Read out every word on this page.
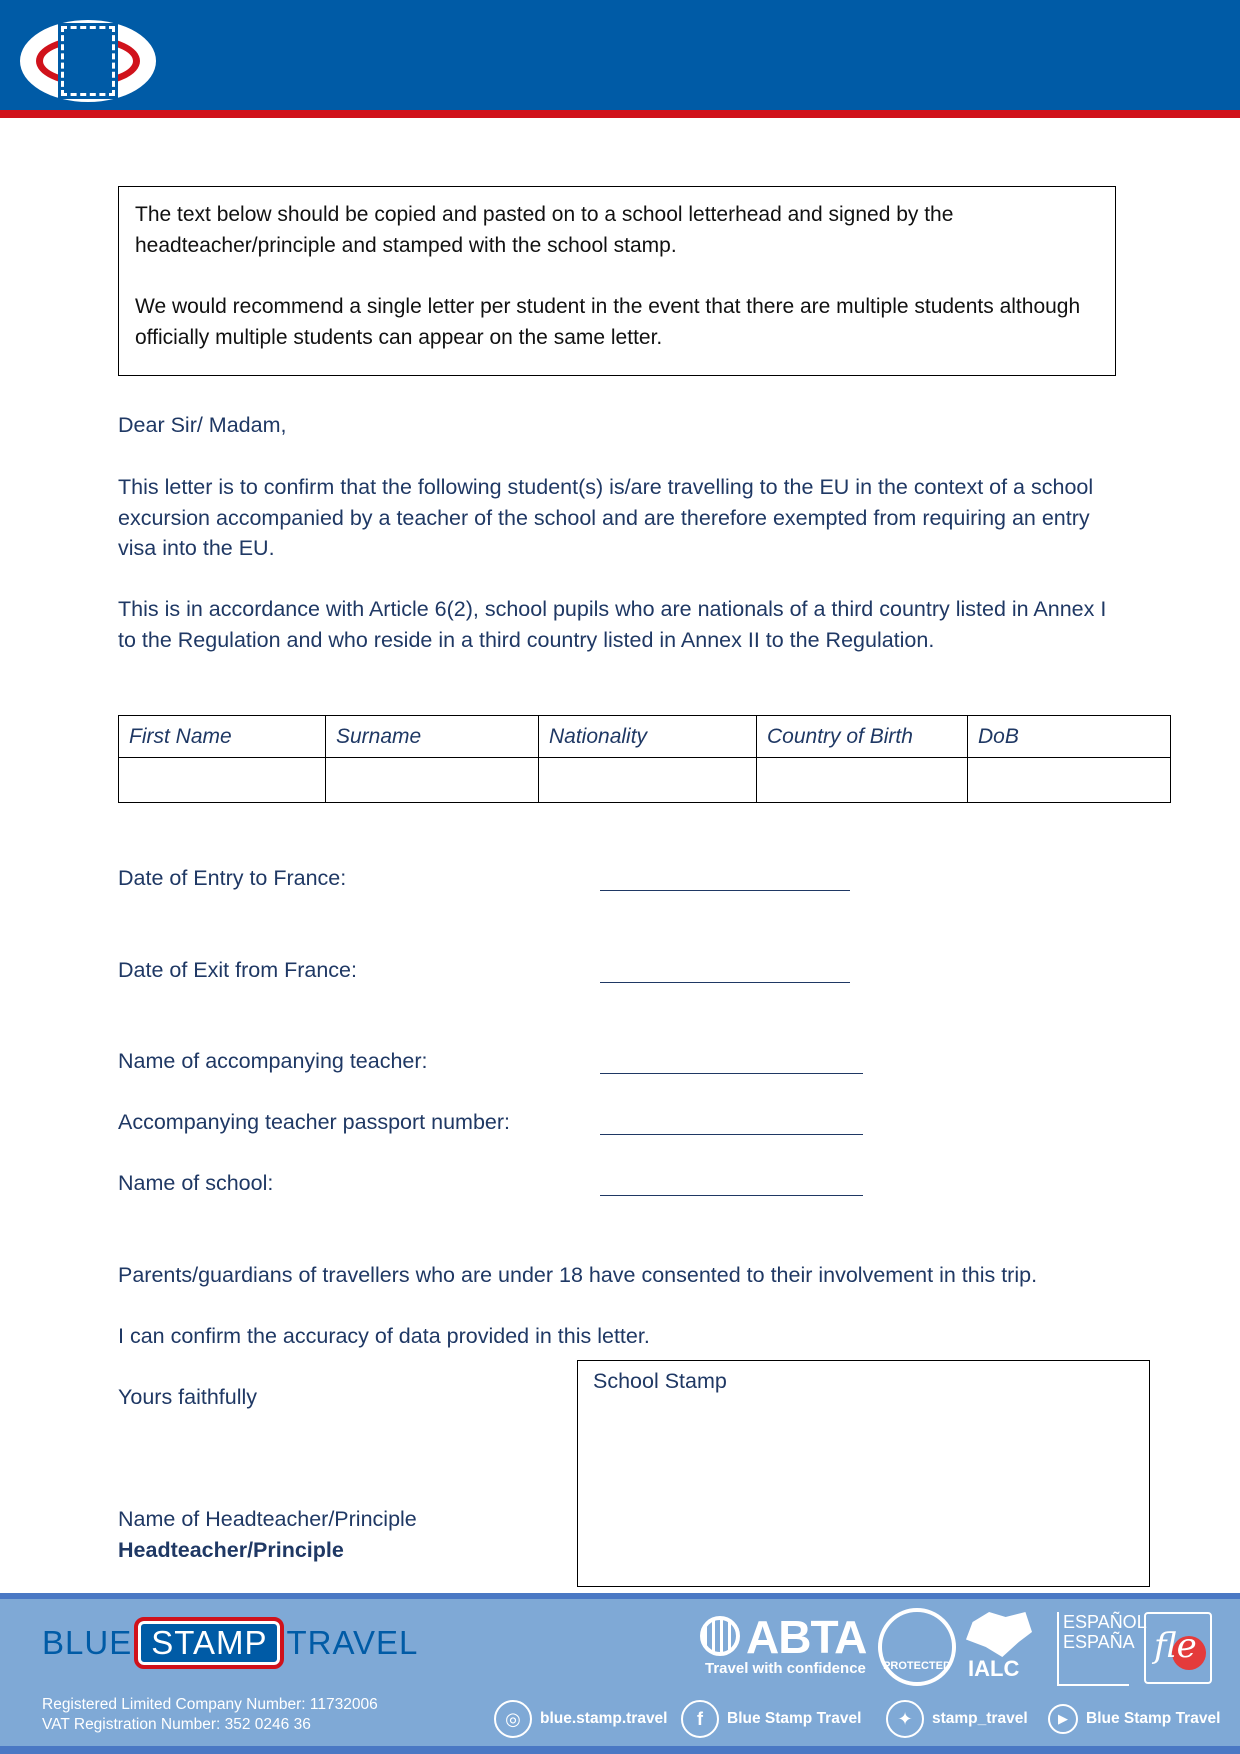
The text below should be copied and pasted on to a school letterhead and signed by the headteacher/principle and stamped with the school stamp.

We would recommend a single letter per student in the event that there are multiple students although officially multiple students can appear on the same letter.

Dear Sir/ Madam,
This letter is to confirm that the following student(s) is/are travelling to the EU in the context of a school excursion accompanied by a teacher of the school and are therefore exempted from requiring an entry visa into the EU.
This is in accordance with Article 6(2), school pupils who are nationals of a third country listed in Annex I to the Regulation and who reside in a third country listed in Annex II to the Regulation.
First Name	Surname	Nationality	Country of Birth	DoB

Date of Entry to France:
Date of Exit from France:
Name of accompanying teacher:
Accompanying teacher passport number:
Name of school:
Parents/guardians of travellers who are under 18 have consented to their involvement in this trip.
I can confirm the accuracy of data provided in this letter.
Yours faithfully
Name of Headteacher/Principle
Headteacher/Principle
School Stamp
BLUE STAMP TRAVEL
Registered Limited Company Number: 11732006
VAT Registration Number: 352 0246 36
ABTA
Travel with confidence	PROTECTED IALC
ESPAÑOL
ESPAÑA fle
◎	blue.stamp.travel	f	Blue Stamp Travel	✦	stamp_travel	▶	Blue Stamp Travel
